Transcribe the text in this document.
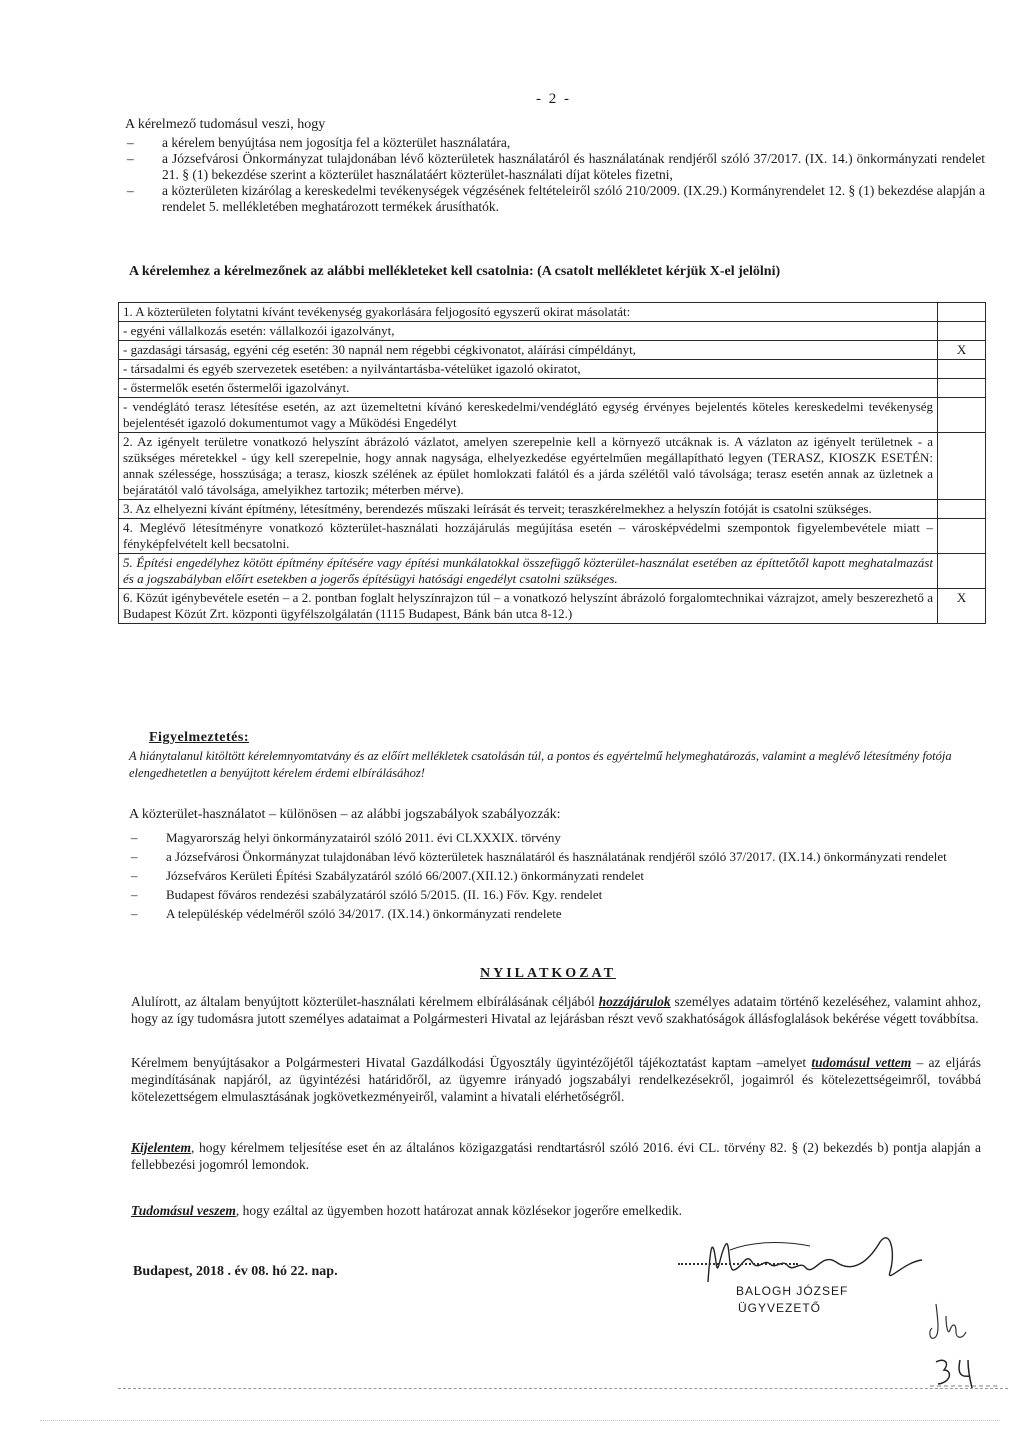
- 2 -
A kérelmező tudomásul veszi, hogy
– a kérelem benyújtása nem jogosítja fel a közterület használatára,
– a Józsefvárosi Önkormányzat tulajdonában lévő közterületek használatáról és használatának rendjéről szóló 37/2017. (IX. 14.) önkormányzati rendelet 21. § (1) bekezdése szerint a közterület használatáért közterület-használati díjat köteles fizetni,
– a közterületen kizárólag a kereskedelmi tevékenységek végzésének feltételeiről szóló 210/2009. (IX.29.) Kormányrendelet 12. § (1) bekezdése alapján a rendelet 5. mellékletében meghatározott termékek árusíthatók.
A kérelemhez a kérelmezőnek az alábbi mellékleteket kell csatolnia: (A csatolt mellékletet kérjük X-el jelölni)
1. A közterületen folytatni kívánt tevékenység gyakorlására feljogosító egyszerű okirat másolatát:	
- egyéni vállalkozás esetén: vállalkozói igazolványt,	
- gazdasági társaság, egyéni cég esetén: 30 napnál nem régebbi cégkivonatot, aláírási címpéldányt,	X
- társadalmi és egyéb szervezetek esetében: a nyilvántartásba-vételüket igazoló okiratot,	
- őstermelők esetén őstermelői igazolványt.	
- vendéglátó terasz létesítése esetén, az azt üzemeltetni kívánó kereskedelmi/vendéglátó egység érvényes bejelentés köteles kereskedelmi tevékenység bejelentését igazoló dokumentumot vagy a Működési Engedélyt	
2. Az igényelt területre vonatkozó helyszínt ábrázoló vázlatot, amelyen szerepelnie kell a környező utcáknak is. A vázlaton az igényelt területnek - a szükséges méretekkel - úgy kell szerepelnie, hogy annak nagysága, elhelyezkedése egyértelműen megállapítható legyen (TERASZ, KIOSZK ESETÉN: annak szélessége, hosszúsága; a terasz, kioszk szélének az épület homlokzati falától és a járda szélétől való távolsága; terasz esetén annak az üzletnek a bejáratától való távolsága, amelyikhez tartozik; méterben mérve).	
3. Az elhelyezni kívánt építmény, létesítmény, berendezés műszaki leírását és terveit; teraszkérelmekhez a helyszín fotóját is csatolni szükséges.	
4. Meglévő létesítményre vonatkozó közterület-használati hozzájárulás megújítása esetén – városképvédelmi szempontok figyelembevétele miatt – fényképfelvételt kell becsatolni.	
5. Építési engedélyhez kötött építmény építésére vagy építési munkálatokkal összefüggő közterület-használat esetében az építtetőtől kapott meghatalmazást és a jogszabályban előírt esetekben a jogerős építésügyi hatósági engedélyt csatolni szükséges.	
6. Közút igénybevétele esetén – a 2. pontban foglalt helyszínrajzon túl – a vonatkozó helyszínt ábrázoló forgalomtechnikai vázrajzot, amely beszerezhető a Budapest Közút Zrt. központi ügyfélszolgálatán (1115 Budapest, Bánk bán utca 8-12.)	X
Figyelmeztetés:
A hiánytalanul kitöltött kérelemnyomtatvány és az előírt mellékletek csatolásán túl, a pontos és egyértelmű helymeghatározás, valamint a meglévő létesítmény fotója elengedhetetlen a benyújtott kérelem érdemi elbírálásához!
A közterület-használatot – különösen – az alábbi jogszabályok szabályozzák:
– Magyarország helyi önkormányzatairól szóló 2011. évi CLXXXIX. törvény
– a Józsefvárosi Önkormányzat tulajdonában lévő közterületek használatáról és használatának rendjéről szóló 37/2017. (IX.14.) önkormányzati rendelet
– Józsefváros Kerületi Építési Szabályzatáról szóló 66/2007.(XII.12.) önkormányzati rendelet
– Budapest főváros rendezési szabályzatáról szóló 5/2015. (II. 16.) Főv. Kgy. rendelet
– A településkép védelméről szóló 34/2017. (IX.14.) önkormányzati rendelete
NYILATKOZAT

Alulírott, az általam benyújtott közterület-használati kérelmem elbírálásának céljából hozzájárulok személyes adataim történő kezeléséhez, valamint ahhoz, hogy az így tudomásra jutott személyes adataimat a Polgármesteri Hivatal az lejárásban részt vevő szakhatóságok állásfoglalások bekérése végett továbbítsa.

Kérelmem benyújtásakor a Polgármesteri Hivatal Gazdálkodási Ügyosztály ügyintézőjétől tájékoztatást kaptam –amelyet tudomásul vettem – az eljárás megindításának napjáról, az ügyintézési határidőről, az ügyemre irányadó jogszabályi rendelkezésekről, jogaimról és kötelezettségeimről, továbbá kötelezettségem elmulasztásának jogkövetkezményeiről, valamint a hivatali elérhetőségről.

Kijelentem, hogy kérelmem teljesítése eset én az általános közigazgatási rendtartásról szóló 2016. évi CL. törvény 82. § (2) bekezdés b) pontja alapján a fellebbezési jogomról lemondok.

Tudomásul veszem, hogy ezáltal az ügyemben hozott határozat annak közlésekor jogerőre emelkedik.

Budapest, 2018 . év 08. hó 22. nap.
BALOGH JÓZSEF
ÜGYVEZETŐ
